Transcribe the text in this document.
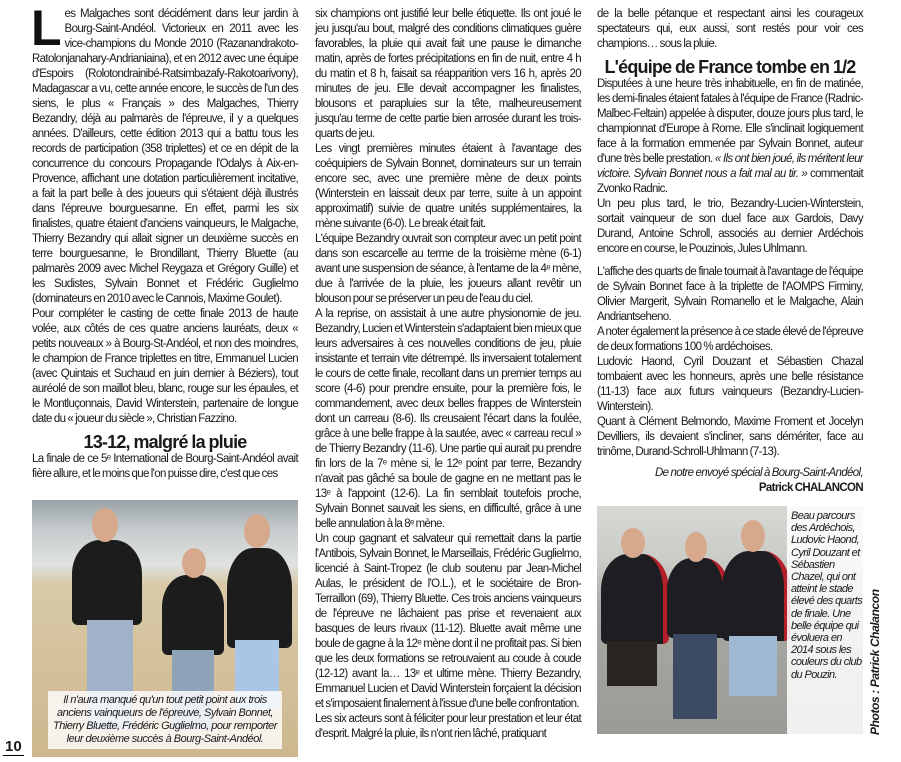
L es Malgaches sont décidément dans leur jardin à Bourg-Saint-Andéol. Victorieux en 2011 avec les vice-champions du Monde 2010 (Razanandrakoto-Ratolonjanahary-Andrianiaina), et en 2012 avec une équipe d'Espoirs (Rolotondrainibé-Ratsimbazafy-Rakotoarivony), Madagascar a vu, cette année encore, le succès de l'un des siens, le plus « Français » des Malgaches, Thierry Bezandry, déjà au palmarès de l'épreuve, il y a quelques années. D'ailleurs, cette édition 2013 qui a battu tous les records de participation (358 triplettes) et ce en dépit de la concurrence du concours Propagande l'Odalys à Aix-en-Provence, affichant une dotation particulièrement incitative, a fait la part belle à des joueurs qui s'étaient déjà illustrés dans l'épreuve bourguesanne. En effet, parmi les six finalistes, quatre étaient d'anciens vainqueurs, le Malgache, Thierry Bezandry qui allait signer un deuxième succès en terre bourguesanne, le Brondillant, Thierry Bluette (au palmarès 2009 avec Michel Reygaza et Grégory Guille) et les Sudistes, Sylvain Bonnet et Frédéric Guglielmo (dominateurs en 2010 avec le Cannois, Maxime Goulet).

Pour compléter le casting de cette finale 2013 de haute volée, aux côtés de ces quatre anciens lauréats, deux « petits nouveaux » à Bourg-St-Andéol, et non des moindres, le champion de France triplettes en titre, Emmanuel Lucien (avec Quintais et Suchaud en juin dernier à Béziers), tout auréolé de son maillot bleu, blanc, rouge sur les épaules, et le Montluçonnais, David Winterstein, partenaire de longue date du « joueur du siècle », Christian Fazzino.

13-12, malgré la pluie

La finale de ce 5ᵉ International de Bourg-Saint-Andéol avait fière allure, et le moins que l'on puisse dire, c'est que ces

six champions ont justifié leur belle étiquette. Ils ont joué le jeu jusqu'au bout, malgré des conditions climatiques guère favorables, la pluie qui avait fait une pause le dimanche matin, après de fortes précipitations en fin de nuit, entre 4 h du matin et 8 h, faisait sa réapparition vers 16 h, après 20 minutes de jeu. Elle devait accompagner les finalistes, blousons et parapluies sur la tête, malheureusement jusqu'au terme de cette partie bien arrosée durant les trois-quarts de jeu.

Les vingt premières minutes étaient à l'avantage des coéquipiers de Sylvain Bonnet, dominateurs sur un terrain encore sec, avec une première mène de deux points (Winterstein en laissait deux par terre, suite à un appoint approximatif) suivie de quatre unités supplémentaires, la mène suivante (6-0). Le break était fait.

L'équipe Bezandry ouvrait son compteur avec un petit point dans son escarcelle au terme de la troisième mène (6-1) avant une suspension de séance, à l'entame de la 4ᵉ mène, due à l'arrivée de la pluie, les joueurs allant revêtir un blouson pour se préserver un peu de l'eau du ciel.

A la reprise, on assistait à une autre physionomie de jeu. Bezandry, Lucien et Winterstein s'adaptaient bien mieux que leurs adversaires à ces nouvelles conditions de jeu, pluie insistante et terrain vite détrempé. Ils inversaient totalement le cours de cette finale, recollant dans un premier temps au score (4-6) pour prendre ensuite, pour la première fois, le commandement, avec deux belles frappes de Winterstein dont un carreau (8-6). Ils creusaient l'écart dans la foulée, grâce à une belle frappe à la sautée, avec « carreau recul » de Thierry Bezandry (11-6). Une partie qui aurait pu prendre fin lors de la 7ᵉ mène si, le 12ᵉ point par terre, Bezandry n'avait pas gâché sa boule de gagne en ne mettant pas le 13ᵉ à l'appoint (12-6). La fin semblait toutefois proche, Sylvain Bonnet sauvait les siens, en difficulté, grâce à une belle annulation à la 8ᵉ mène.

Un coup gagnant et salvateur qui remettait dans la partie l'Antibois, Sylvain Bonnet, le Marseillais, Frédéric Guglielmo, licencié à Saint-Tropez (le club soutenu par Jean-Michel Aulas, le président de l'O.L.), et le sociétaire de Bron-Terraillon (69), Thierry Bluette. Ces trois anciens vainqueurs de l'épreuve ne lâchaient pas prise et revenaient aux basques de leurs rivaux (11-12). Bluette avait même une boule de gagne à la 12ᵉ mène dont il ne profitait pas. Si bien que les deux formations se retrouvaient au coude à coude (12-12) avant la… 13ᵉ et ultime mène. Thierry Bezandry, Emmanuel Lucien et David Winterstein forçaient la décision et s'imposaient finalement à l'issue d'une belle confrontation.

Les six acteurs sont à féliciter pour leur prestation et leur état d'esprit. Malgré la pluie, ils n'ont rien lâché, pratiquant

de la belle pétanque et respectant ainsi les courageux spectateurs qui, eux aussi, sont restés pour voir ces champions… sous la pluie.

L'équipe de France tombe en 1/2

Disputées à une heure très inhabituelle, en fin de matinée, les demi-finales étaient fatales à l'équipe de France (Radnic-Malbec-Feltain) appelée à disputer, douze jours plus tard, le championnat d'Europe à Rome. Elle s'inclinait logiquement face à la formation emmenée par Sylvain Bonnet, auteur d'une très belle prestation. « Ils ont bien joué, ils méritent leur victoire. Sylvain Bonnet nous a fait mal au tir. » commentait Zvonko Radnic.

Un peu plus tard, le trio, Bezandry-Lucien-Winterstein, sortait vainqueur de son duel face aux Gardois, Davy Durand, Antoine Schroll, associés au dernier Ardéchois encore en course, le Pouzinois, Jules Uhlmann.

L'affiche des quarts de finale tournait à l'avantage de l'équipe de Sylvain Bonnet face à la triplette de l'AOMPS Firminy, Olivier Margerit, Sylvain Romanello et le Malgache, Alain Andriantseheno.

A noter également la présence à ce stade élevé de l'épreuve de deux formations 100 % ardéchoises.

Ludovic Haond, Cyril Douzant et Sébastien Chazal tombaient avec les honneurs, après une belle résistance (11-13) face aux futurs vainqueurs (Bezandry-Lucien-Winterstein).

Quant à Clément Belmondo, Maxime Froment et Jocelyn Devilliers, ils devaient s'incliner, sans démériter, face au trinôme, Durand-Schroll-Uhlmann (7-13).

De notre envoyé spécial à Bourg-Saint-Andéol,
Patrick CHALANCON

Il n'aura manqué qu'un tout petit point aux trois anciens vainqueurs de l'épreuve, Sylvain Bonnet, Thierry Bluette, Frédéric Guglielmo, pour remporter leur deuxième succès à Bourg-Saint-Andéol.
Beau parcours des Ardéchois, Ludovic Haond, Cyril Douzant et Sébastien Chazel, qui ont atteint le stade élevé des quarts de finale. Une belle équipe qui évoluera en 2014 sous les couleurs du club du Pouzin.	Photos : Patrick Chalancon
10
